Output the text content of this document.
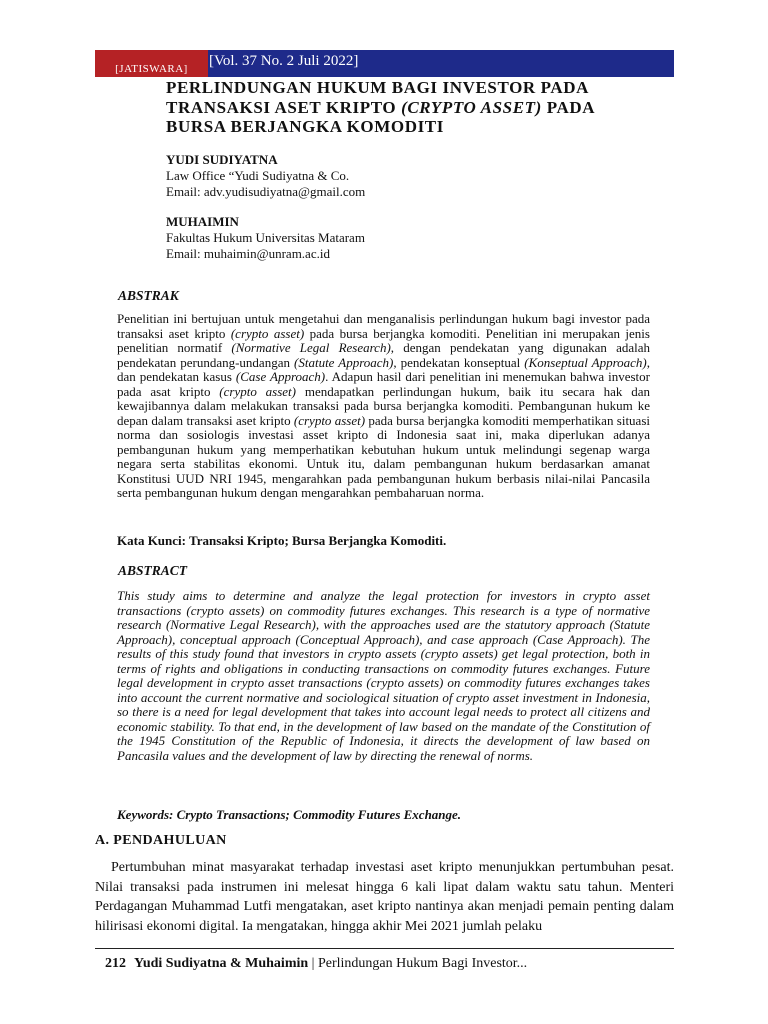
[JATISWARA]	[Vol. 37 No. 2 Juli 2022]
PERLINDUNGAN HUKUM BAGI INVESTOR PADA TRANSAKSI ASET KRIPTO (CRYPTO ASSET) PADA BURSA BERJANGKA KOMODITI
YUDI SUDIYATNA
Law Office “Yudi Sudiyatna & Co.
Email: adv.yudisudiyatna@gmail.com
MUHAIMIN
Fakultas Hukum Universitas Mataram
Email: muhaimin@unram.ac.id
ABSTRAK

Penelitian ini bertujuan untuk mengetahui dan menganalisis perlindungan hukum bagi investor pada transaksi aset kripto (crypto asset) pada bursa berjangka komoditi. Penelitian ini merupakan jenis penelitian normatif (Normative Legal Research), dengan pendekatan yang digunakan adalah pendekatan perundang-undangan (Statute Approach), pendekatan konseptual (Konseptual Approach), dan pendekatan kasus (Case Approach). Adapun hasil dari penelitian ini menemukan bahwa investor pada asat kripto (crypto asset) mendapatkan perlindungan hukum, baik itu secara hak dan kewajibannya dalam melakukan transaksi pada bursa berjangka komoditi. Pembangunan hukum ke depan dalam transaksi aset kripto (crypto asset) pada bursa berjangka komoditi memperhatikan situasi norma dan sosiologis investasi asset kripto di Indonesia saat ini, maka diperlukan adanya pembangunan hukum yang memperhatikan kebutuhan hukum untuk melindungi segenap warga negara serta stabilitas ekonomi. Untuk itu, dalam pembangunan hukum berdasarkan amanat Konstitusi UUD NRI 1945, mengarahkan pada pembangunan hukum berbasis nilai-nilai Pancasila serta pembangunan hukum dengan mengarahkan pembaharuan norma.

Kata Kunci: Transaksi Kripto; Bursa Berjangka Komoditi.
ABSTRACT

This study aims to determine and analyze the legal protection for investors in crypto asset transactions (crypto assets) on commodity futures exchanges. This research is a type of normative research (Normative Legal Research), with the approaches used are the statutory approach (Statute Approach), conceptual approach (Conceptual Approach), and case approach (Case Approach). The results of this study found that investors in crypto assets (crypto assets) get legal protection, both in terms of rights and obligations in conducting transactions on commodity futures exchanges. Future legal development in crypto asset transactions (crypto assets) on commodity futures exchanges takes into account the current normative and sociological situation of crypto asset investment in Indonesia, so there is a need for legal development that takes into account legal needs to protect all citizens and economic stability. To that end, in the development of law based on the mandate of the Constitution of the 1945 Constitution of the Republic of Indonesia, it directs the development of law based on Pancasila values and the development of law by directing the renewal of norms.

Keywords: Crypto Transactions; Commodity Futures Exchange.
A. PENDAHULUAN

Pertumbuhan minat masyarakat terhadap investasi aset kripto menunjukkan pertumbuhan pesat. Nilai transaksi pada instrumen ini melesat hingga 6 kali lipat dalam waktu satu tahun. Menteri Perdagangan Muhammad Lutfi mengatakan, aset kripto nantinya akan menjadi pemain penting dalam hilirisasi ekonomi digital. Ia mengatakan, hingga akhir Mei 2021 jumlah pelaku

212 Yudi Sudiyatna & Muhaimin | Perlindungan Hukum Bagi Investor...
